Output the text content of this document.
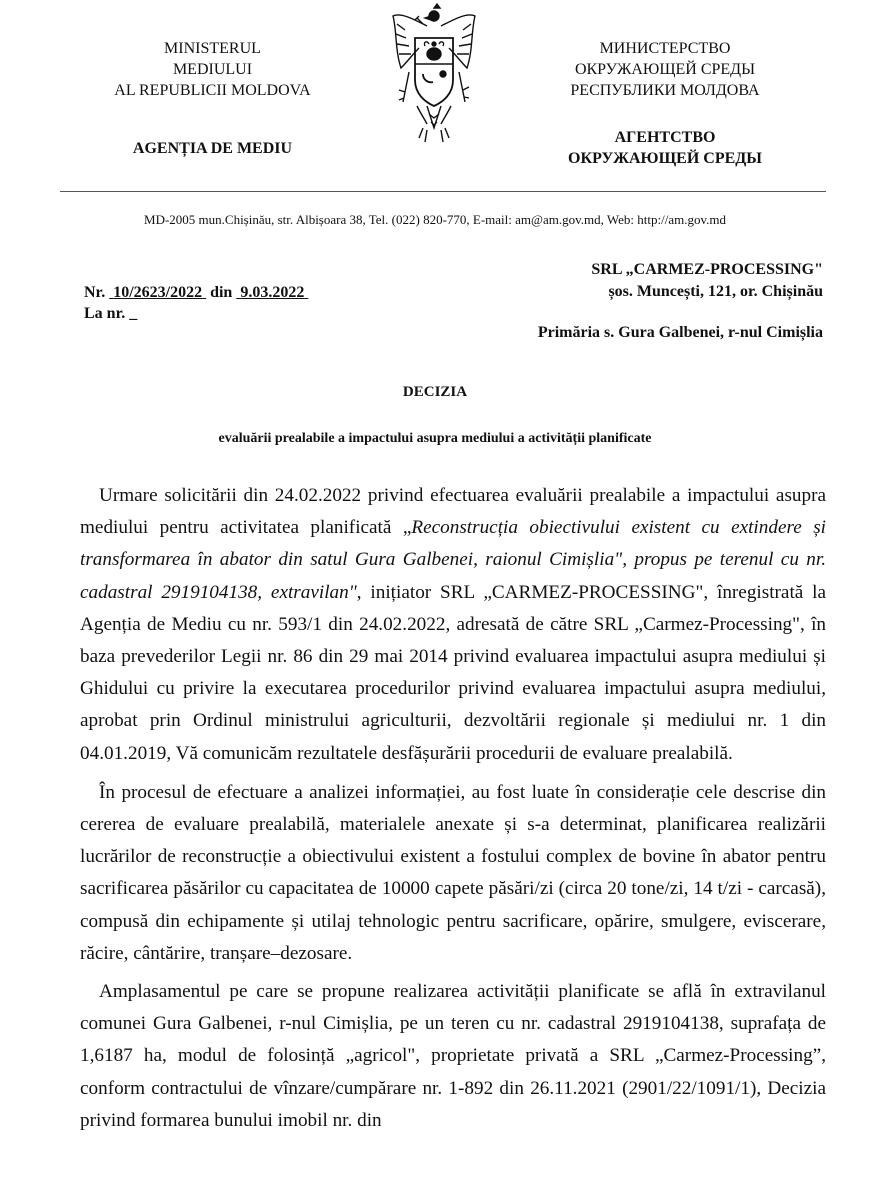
MINISTERUL
MEDIULUI
AL REPUBLICII MOLDOVA
AGENȚIA DE MEDIU
МИНИСТЕРСТВО
ОКРУЖАЮЩЕЙ СРЕДЫ
РЕСПУБЛИКИ МОЛДОВА
АГЕНТСТВО
ОКРУЖАЮЩЕЙ СРЕДЫ
MD-2005 mun.Chișinău, str. Albișoara 38, Tel. (022) 820-770, E-mail: am@am.gov.md, Web: http://am.gov.md
Nr. 10/2623/2022 din 9.03.2022
La nr. _
SRL „CARMEZ-PROCESSING"
șos. Muncești, 121, or. Chișinău
Primăria s. Gura Galbenei, r-nul Cimișlia
DECIZIA
evaluării prealabile a impactului asupra mediului a activității planificate

Urmare solicitării din 24.02.2022 privind efectuarea evaluării prealabile a impactului asupra mediului pentru activitatea planificată „Reconstrucția obiectivului existent cu extindere și transformarea în abator din satul Gura Galbenei, raionul Cimișlia", propus pe terenul cu nr. cadastral 2919104138, extravilan", inițiator SRL „CARMEZ-PROCESSING", înregistrată la Agenția de Mediu cu nr. 593/1 din 24.02.2022, adresată de către SRL „Carmez-Processing", în baza prevederilor Legii nr. 86 din 29 mai 2014 privind evaluarea impactului asupra mediului și Ghidului cu privire la executarea procedurilor privind evaluarea impactului asupra mediului, aprobat prin Ordinul ministrului agriculturii, dezvoltării regionale și mediului nr. 1 din 04.01.2019, Vă comunicăm rezultatele desfășurării procedurii de evaluare prealabilă.

În procesul de efectuare a analizei informației, au fost luate în considerație cele descrise din cererea de evaluare prealabilă, materialele anexate și s-a determinat, planificarea realizării lucrărilor de reconstrucție a obiectivului existent a fostului complex de bovine în abator pentru sacrificarea păsărilor cu capacitatea de 10000 capete păsări/zi (circa 20 tone/zi, 14 t/zi - carcasă), compusă din echipamente și utilaj tehnologic pentru sacrificare, opărire, smulgere, eviscerare, răcire, cântărire, tranșare–dezosare.

Amplasamentul pe care se propune realizarea activității planificate se află în extravilanul comunei Gura Galbenei, r-nul Cimișlia, pe un teren cu nr. cadastral 2919104138, suprafața de 1,6187 ha, modul de folosință „agricol", proprietate privată a SRL „Carmez-Processing”, conform contractului de vînzare/cumpărare nr. 1-892 din 26.11.2021 (2901/22/1091/1), Decizia privind formarea bunului imobil nr. din
